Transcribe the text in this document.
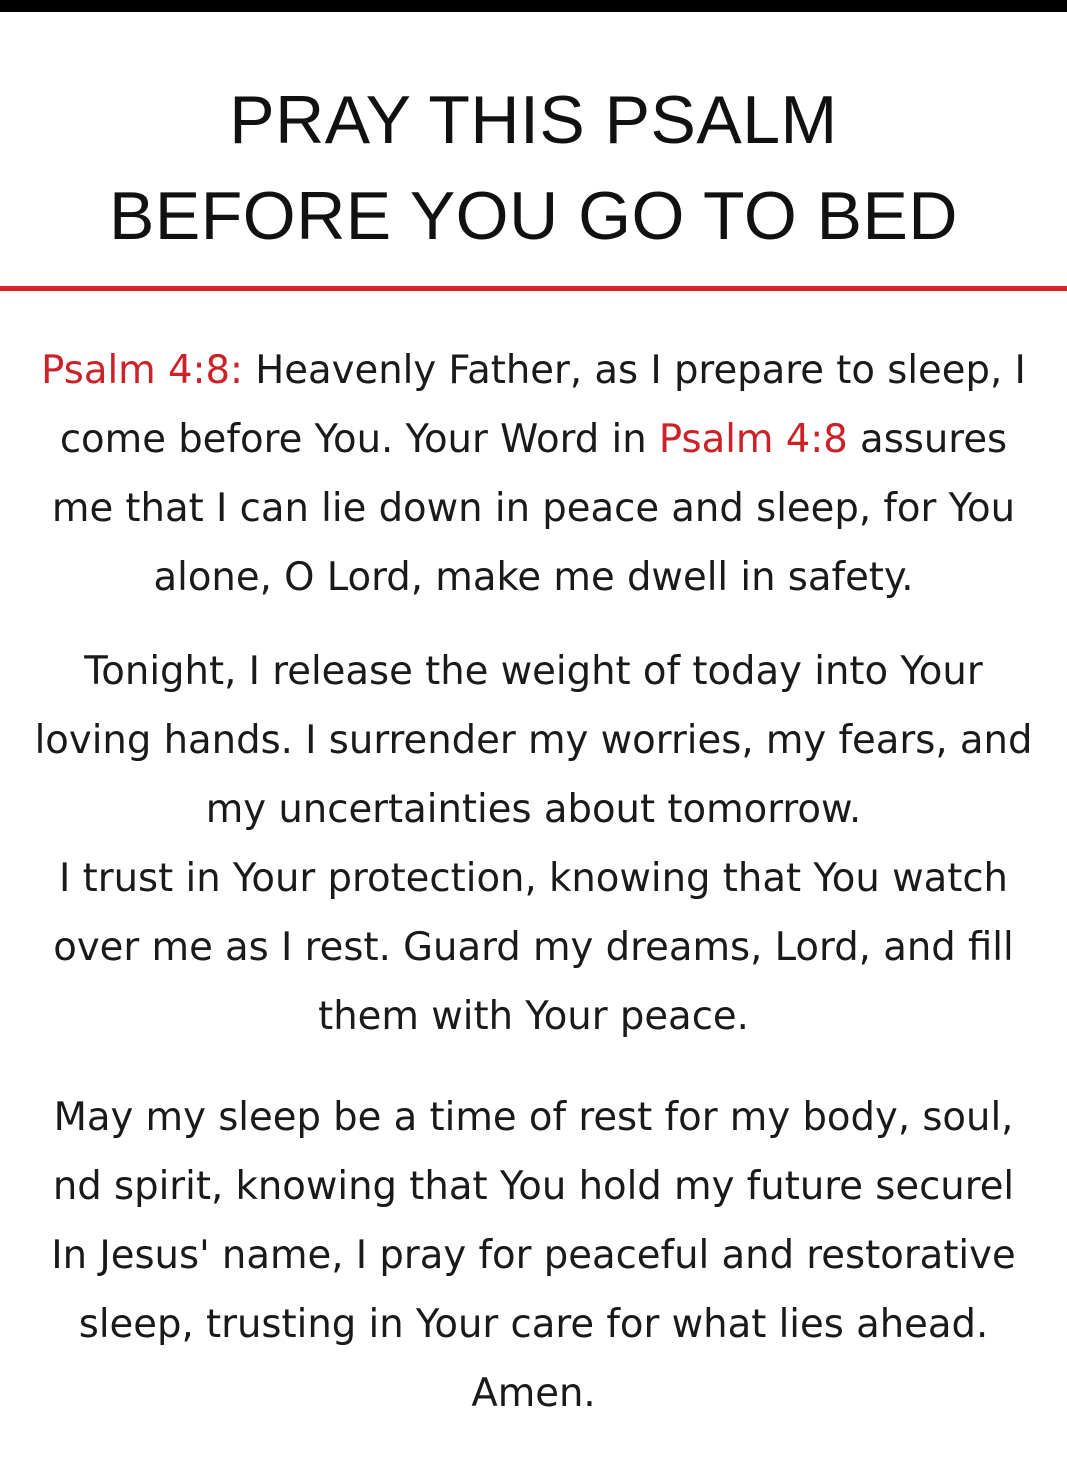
PRAY THIS PSALM
BEFORE YOU GO TO BED
Psalm 4:8: Heavenly Father, as I prepare to sleep, I
come before You. Your Word in Psalm 4:8 assures
me that I can lie down in peace and sleep, for You
alone, O Lord, make me dwell in safety.
Tonight, I release the weight of today into Your
loving hands. I surrender my worries, my fears, and
my uncertainties about tomorrow.
I trust in Your protection, knowing that You watch
over me as I rest. Guard my dreams, Lord, and fill
them with Your peace.
May my sleep be a time of rest for my body, soul,
nd spirit, knowing that You hold my future securel
In Jesus' name, I pray for peaceful and restorative
sleep, trusting in Your care for what lies ahead.
Amen.
